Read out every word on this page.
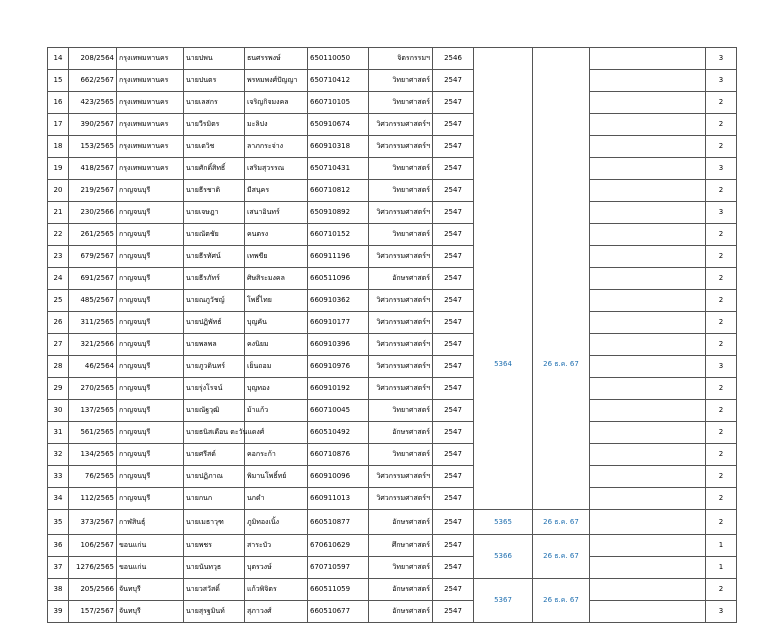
14	208/2564	กรุงเทพมหานคร	นายปพน	ธนศรรพงษ์	650110050	จิตรกรรมฯ	2546	5364	26 ธ.ค. 67		3
15	662/2567	กรุงเทพมหานคร	นายปนตร	พรหมพงศ์ปัญญา	650710412	วิทยาศาสตร์	2547				3
16	423/2565	กรุงเทพมหานคร	นายเลสกร	เจริญกิจมงคล	660710105	วิทยาศาสตร์	2547				2
17	390/2567	กรุงเทพมหานคร	นายวีรมิตร	มะลิปง	650910674	วิศวกรรมศาสตร์ฯ	2547				2
18	153/2565	กรุงเทพมหานคร	นายเตวิช	ลาภกระจ่าง	660910318	วิศวกรรมศาสตร์ฯ	2547				2
19	418/2567	กรุงเทพมหานคร	นายศักดิ์สิทธิ์	เสริมสุวรรณ	650710431	วิทยาศาสตร์	2547				3
20	219/2567	กาญจนบุรี	นายธีรชาติ	มีสนุคร	660710812	วิทยาศาสตร์	2547				2
21	230/2566	กาญจนบุรี	นายเจษฎา	เสนาอินทร์	650910892	วิศวกรรมศาสตร์ฯ	2547				3
22	261/2565	กาญจนบุรี	นายณัตชัย	คนตรง	660710152	วิทยาศาสตร์	2547				2
23	679/2567	กาญจนบุรี	นายธีรทัศน์	เทพขีย	660911196	วิศวกรรมศาสตร์ฯ	2547				2
24	691/2567	กาญจนบุรี	นายธีรภัทร์	ศิษสิระมงคล	660511096	อักษรศาสตร์	2547				2
25	485/2567	กาญจนบุรี	นายณภูวัชญ์	โพธิ์ไทย	660910362	วิศวกรรมศาสตร์ฯ	2547				2
26	311/2565	กาญจนบุรี	นายปฏิพัทธ์	บุญคัน	660910177	วิศวกรรมศาสตร์ฯ	2547				2
27	321/2566	กาญจนบุรี	นายพลพล	คงนิยม	660910396	วิศวกรรมศาสตร์ฯ	2547				2
28	46/2564	กาญจนบุรี	นายภูวดินทร์	เย็นถอม	660910976	วิศวกรรมศาสตร์ฯ	2547				3
29	270/2565	กาญจนบุรี	นายรุ่งโรจน์	บุญทอง	660910192	วิศวกรรมศาสตร์ฯ	2547				2
30	137/2565	กาญจนบุรี	นายณัฐวุฒิ	ม้าแก้ว	660710045	วิทยาศาสตร์	2547				2
31	561/2565	กาญจนบุรี	นายธนิสเดือน ตะวันแดงศ์		660510492	อักษรศาสตร์	2547				2
32	134/2565	กาญจนบุรี	นายศรีสต์	คอกระก้า	660710876	วิทยาศาสตร์	2547				2
33	76/2565	กาญจนบุรี	นายปฏิภาณ	พิมานโพธิ์ทย์	660910096	วิศวกรรมศาสตร์ฯ	2547				2
34	112/2565	กาญจนบุรี	นายกนก	นกดำ	660911013	วิศวกรรมศาสตร์ฯ	2547				2
35	373/2567	กาฬสินธุ์	นายเมธาวุฑ	ภูมิทองเนิ้ง	660510877	อักษรศาสตร์	2547	5365	26 ธ.ค. 67		2
36	106/2567	ขอนแก่น	นายพชร	สาระบัว	670610629	ศึกษาศาสตร์	2547	5366	26 ธ.ค. 67		1
37	1276/2565	ขอนแก่น	นายนันทวุธ	บุตรวงษ์	670710597	วิทยาศาสตร์	2547				1
38	205/2566	จันทบุรี	นายวสวัสดิ์	แก้วพิจิตร	660511059	อักษรศาสตร์	2547	5367	26 ธ.ค. 67		2
39	157/2567	จันทบุรี	นายสุรฐมินท์	สุภาวงศ์	660510677	อักษรศาสตร์	2547				3
